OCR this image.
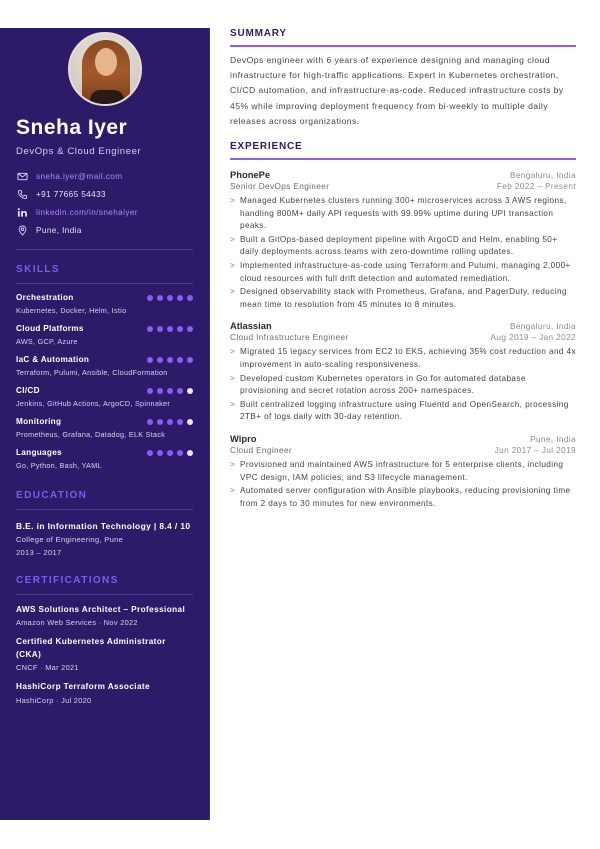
Sneha Iyer
DevOps & Cloud Engineer
sneha.iyer@mail.com
+91 77665 54433
linkedin.com/in/snehaiyer
Pune, India
SKILLS
Orchestration
Kubernetes, Docker, Helm, Istio
Cloud Platforms
AWS, GCP, Azure
IaC & Automation
Terraform, Pulumi, Ansible, CloudFormation
CI/CD
Jenkins, GitHub Actions, ArgoCD, Spinnaker
Monitoring
Prometheus, Grafana, Datadog, ELK Stack
Languages
Go, Python, Bash, YAML
EDUCATION
B.E. in Information Technology | 8.4 / 10
College of Engineering, Pune
2013 – 2017
CERTIFICATIONS
AWS Solutions Architect – Professional
Amazon Web Services · Nov 2022
Certified Kubernetes Administrator (CKA)
CNCF · Mar 2021
HashiCorp Terraform Associate
HashiCorp · Jul 2020
SUMMARY

DevOps engineer with 6 years of experience designing and managing cloud infrastructure for high-traffic applications. Expert in Kubernetes orchestration, CI/CD automation, and infrastructure-as-code. Reduced infrastructure costs by 45% while improving deployment frequency from bi-weekly to multiple daily releases across organizations.

EXPERIENCE
PhonePe	Bengaluru, India
Senior DevOps Engineer	Feb 2022 – Present
> Managed Kubernetes clusters running 300+ microservices across 3 AWS regions, handling 800M+ daily API requests with 99.99% uptime during UPI transaction peaks.
> Built a GitOps-based deployment pipeline with ArgoCD and Helm, enabling 50+ daily deployments across teams with zero-downtime rolling updates.
> Implemented infrastructure-as-code using Terraform and Pulumi, managing 2,000+ cloud resources with full drift detection and automated remediation.
> Designed observability stack with Prometheus, Grafana, and PagerDuty, reducing mean time to resolution from 45 minutes to 8 minutes.
Atlassian	Bengaluru, India
Cloud Infrastructure Engineer	Aug 2019 – Jan 2022
> Migrated 15 legacy services from EC2 to EKS, achieving 35% cost reduction and 4x improvement in auto-scaling responsiveness.
> Developed custom Kubernetes operators in Go for automated database provisioning and secret rotation across 200+ namespaces.
> Built centralized logging infrastructure using Fluentd and OpenSearch, processing 2TB+ of logs daily with 30-day retention.
Wipro	Pune, India
Cloud Engineer	Jun 2017 – Jul 2019
> Provisioned and maintained AWS infrastructure for 5 enterprise clients, including VPC design, IAM policies, and S3 lifecycle management.
> Automated server configuration with Ansible playbooks, reducing provisioning time from 2 days to 30 minutes for new environments.
